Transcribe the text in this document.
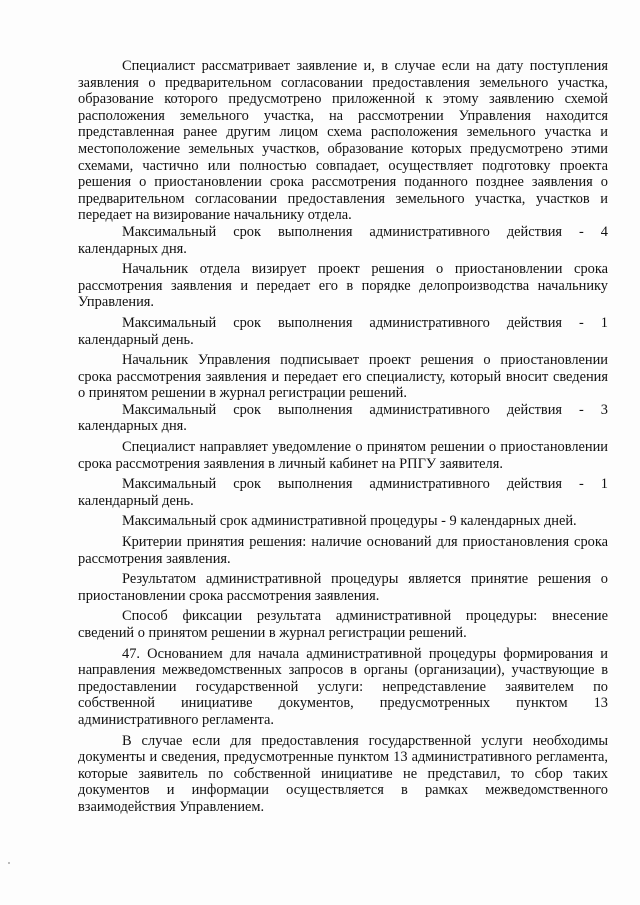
Специалист рассматривает заявление и, в случае если на дату поступления заявления о предварительном согласовании предоставления земельного участка, образование которого предусмотрено приложенной к этому заявлению схемой расположения земельного участка, на рассмотрении Управления находится представленная ранее другим лицом схема расположения земельного участка и местоположение земельных участков, образование которых предусмотрено этими схемами, частично или полностью совпадает, осуществляет подготовку проекта решения о приостановлении срока рассмотрения поданного позднее заявления о предварительном согласовании предоставления земельного участка, участков и передает на визирование начальнику отдела.

Максимальный срок выполнения административного действия - 4 календарных дня.

Начальник отдела визирует проект решения о приостановлении срока рассмотрения заявления и передает его в порядке делопроизводства начальнику Управления.

Максимальный срок выполнения административного действия - 1 календарный день.

Начальник Управления подписывает проект решения о приостановлении срока рассмотрения заявления и передает его специалисту, который вносит сведения о принятом решении в журнал регистрации решений.

Максимальный срок выполнения административного действия - 3 календарных дня.

Специалист направляет уведомление о принятом решении о приостановлении срока рассмотрения заявления в личный кабинет на РПГУ заявителя.

Максимальный срок выполнения административного действия - 1 календарный день.

Максимальный срок административной процедуры - 9 календарных дней.

Критерии принятия решения: наличие оснований для приостановления срока рассмотрения заявления.

Результатом административной процедуры является принятие решения о приостановлении срока рассмотрения заявления.

Способ фиксации результата административной процедуры: внесение сведений о принятом решении в журнал регистрации решений.

47. Основанием для начала административной процедуры формирования и направления межведомственных запросов в органы (организации), участвующие в предоставлении государственной услуги: непредставление заявителем по собственной инициативе документов, предусмотренных пунктом 13 административного регламента.

В случае если для предоставления государственной услуги необходимы документы и сведения, предусмотренные пунктом 13 административного регламента, которые заявитель по собственной инициативе не представил, то сбор таких документов и информации осуществляется в рамках межведомственного взаимодействия Управлением.
